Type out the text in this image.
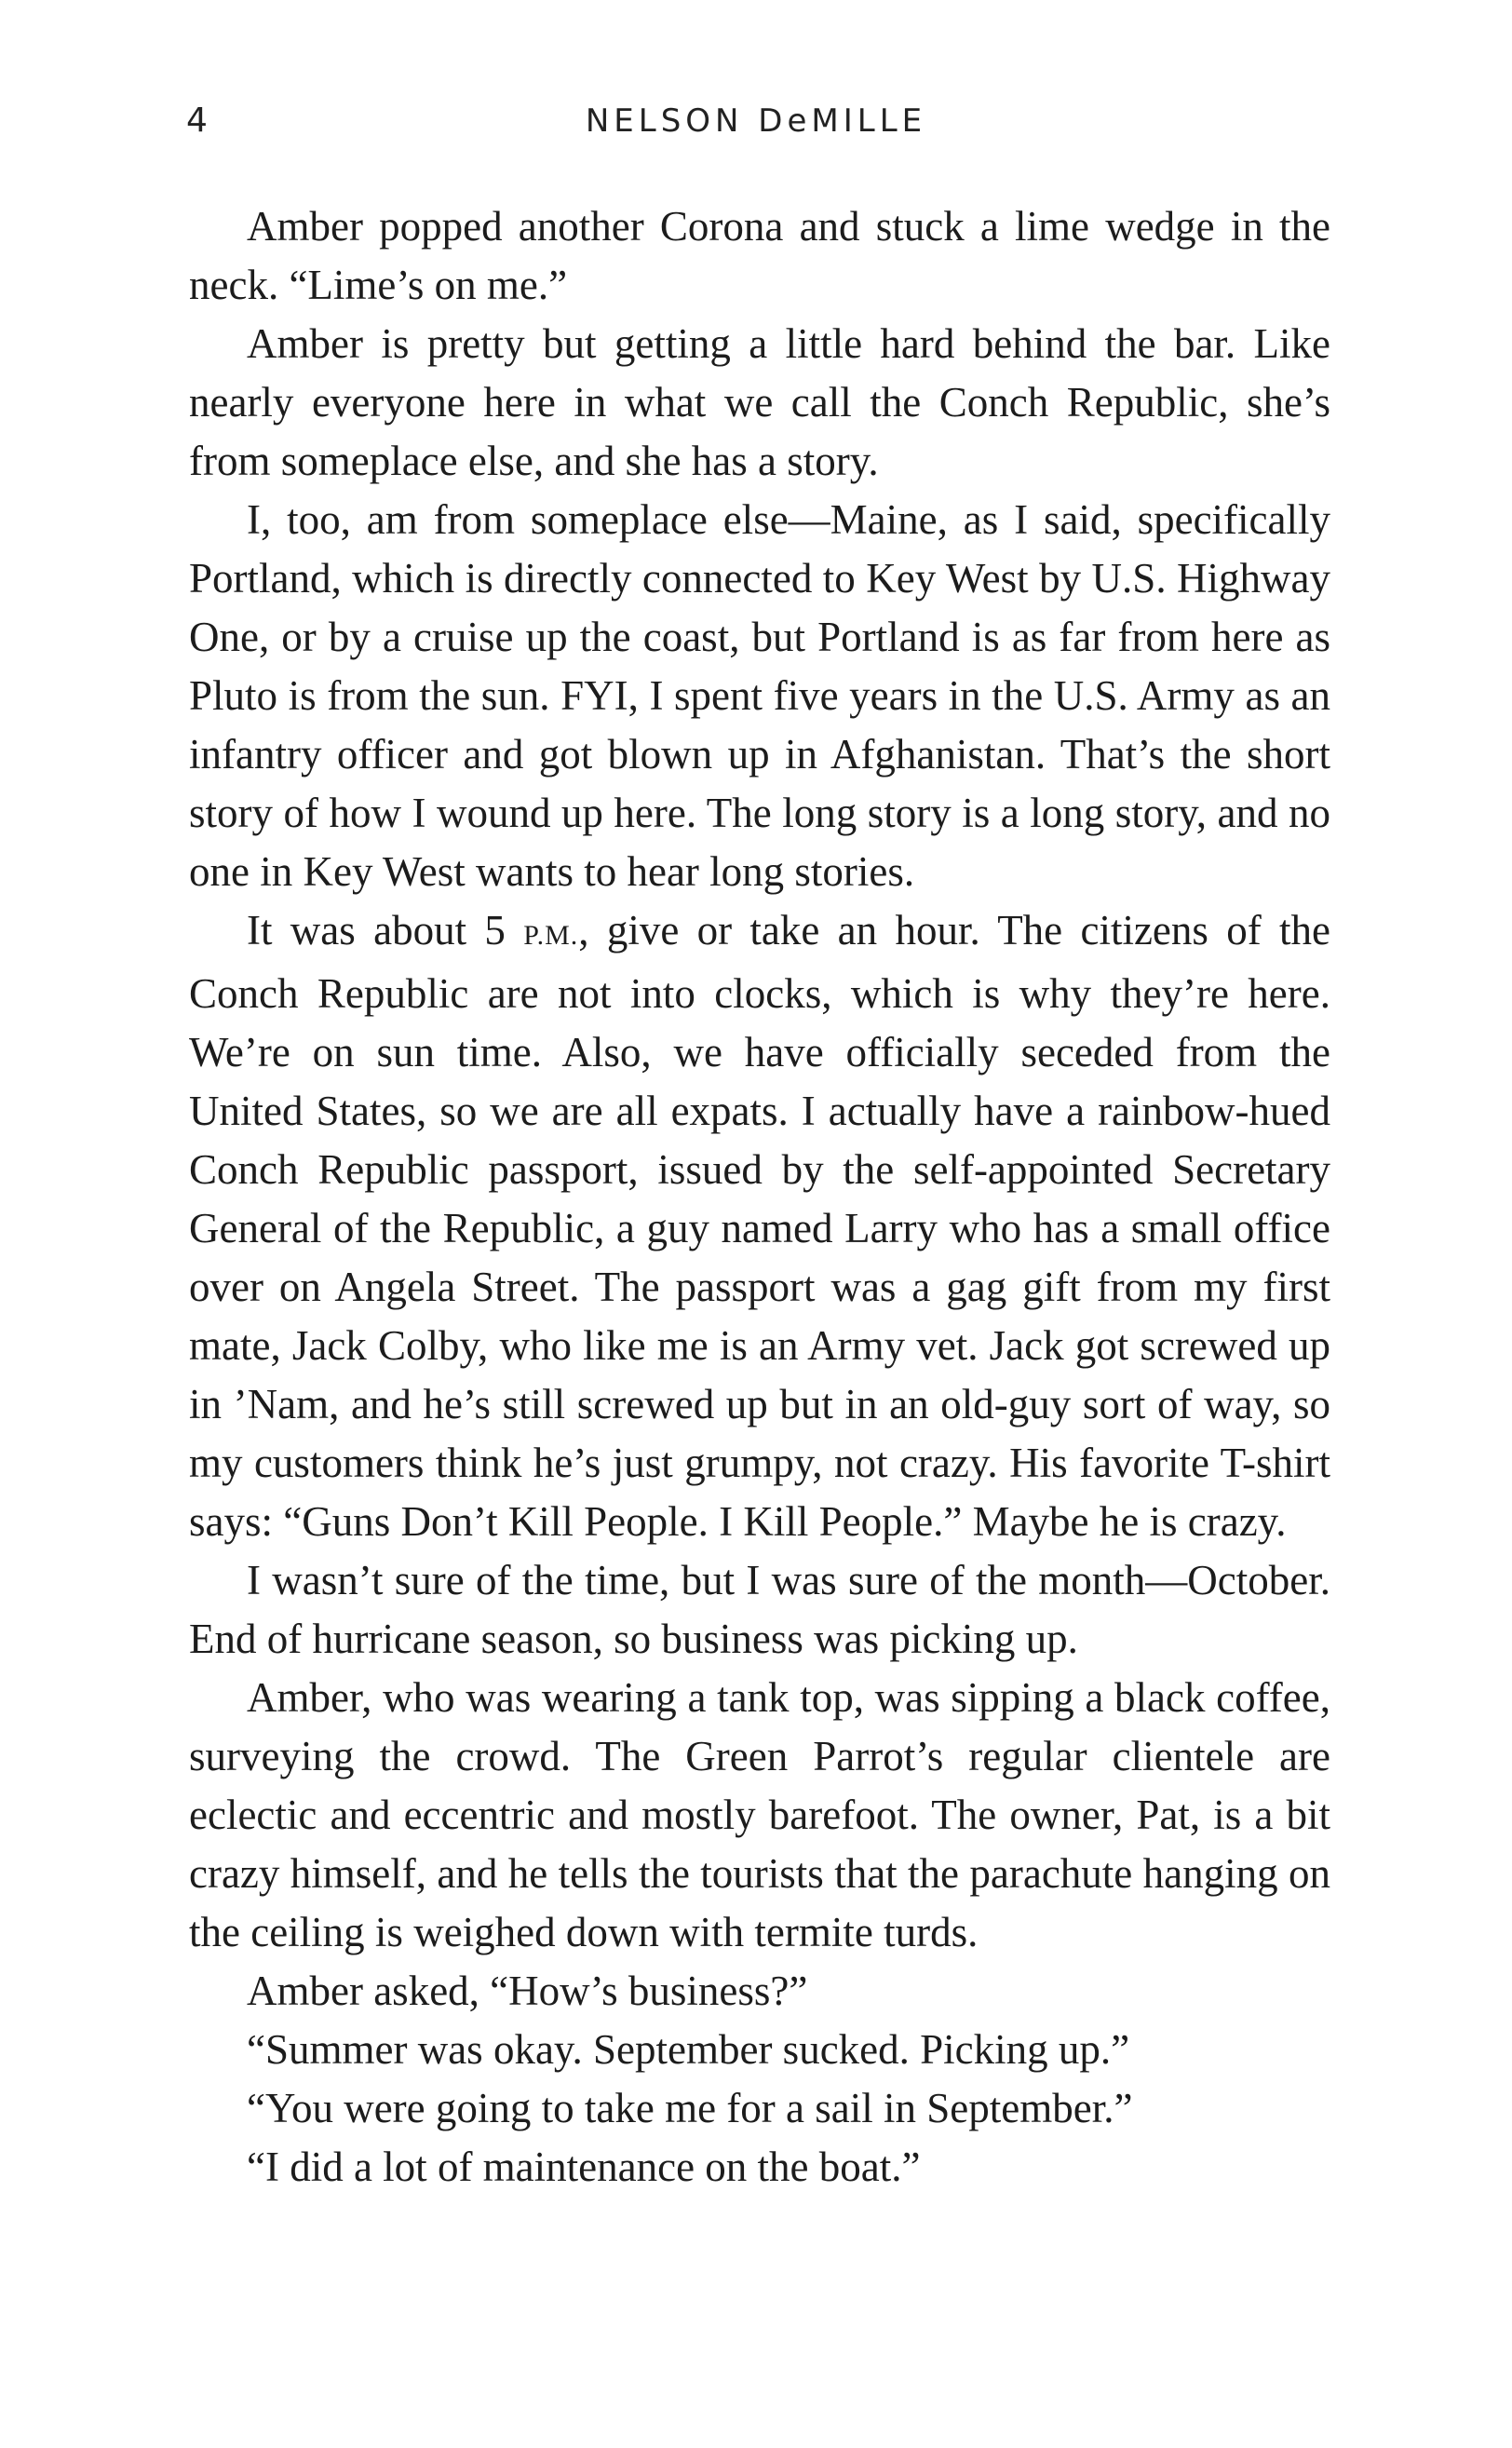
4	NELSON DeMILLE

Amber popped another Corona and stuck a lime wedge in the neck. “Lime’s on me.”

Amber is pretty but getting a little hard behind the bar. Like nearly everyone here in what we call the Conch Republic, she’s from someplace else, and she has a story.

I, too, am from someplace else—Maine, as I said, specifically Portland, which is directly connected to Key West by U.S. Highway One, or by a cruise up the coast, but Portland is as far from here as Pluto is from the sun. FYI, I spent five years in the U.S. Army as an infantry officer and got blown up in Afghanistan. That’s the short story of how I wound up here. The long story is a long story, and no one in Key West wants to hear long stories.

It was about 5 P.M., give or take an hour. The citizens of the Conch Republic are not into clocks, which is why they’re here. We’re on sun time. Also, we have officially seceded from the United States, so we are all expats. I actually have a rainbow-hued Conch Republic passport, issued by the self-appointed Secretary General of the Republic, a guy named Larry who has a small office over on Angela Street. The passport was a gag gift from my first mate, Jack Colby, who like me is an Army vet. Jack got screwed up in ’Nam, and he’s still screwed up but in an old-guy sort of way, so my customers think he’s just grumpy, not crazy. His favorite T-shirt says: “Guns Don’t Kill People. I Kill People.” Maybe he is crazy.

I wasn’t sure of the time, but I was sure of the month—October. End of hurricane season, so business was picking up.

Amber, who was wearing a tank top, was sipping a black coffee, surveying the crowd. The Green Parrot’s regular clientele are eclectic and eccentric and mostly barefoot. The owner, Pat, is a bit crazy himself, and he tells the tourists that the parachute hanging on the ceiling is weighed down with termite turds.

Amber asked, “How’s business?”

“Summer was okay. September sucked. Picking up.”

“You were going to take me for a sail in September.”

“I did a lot of maintenance on the boat.”
